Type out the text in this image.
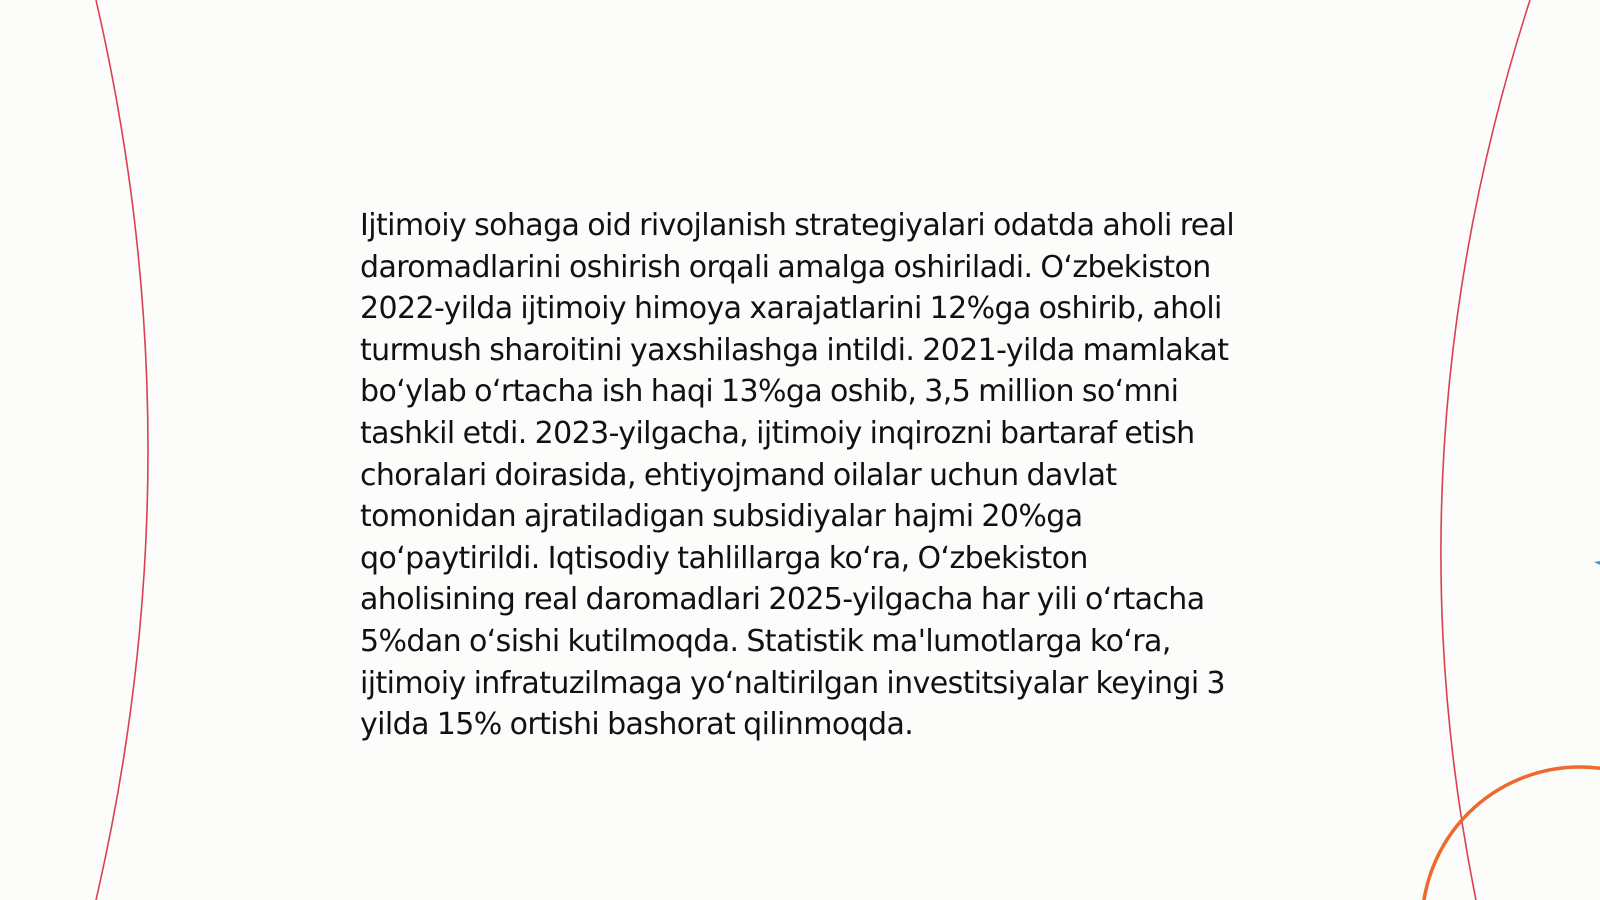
Ijtimoiy sohaga oid rivojlanish strategiyalari odatda aholi real daromadlarini oshirish orqali amalga oshiriladi. O‘zbekiston 2022-yilda ijtimoiy himoya xarajatlarini 12%ga oshirib, aholi turmush sharoitini yaxshilashga intildi. 2021-yilda mamlakat bo‘ylab o‘rtacha ish haqi 13%ga oshib, 3,5 million so‘mni tashkil etdi. 2023-yilgacha, ijtimoiy inqirozni bartaraf etish choralari doirasida, ehtiyojmand oilalar uchun davlat tomonidan ajratiladigan subsidiyalar hajmi 20%ga qo‘paytirildi. Iqtisodiy tahlillarga ko‘ra, O‘zbekiston aholisining real daromadlari 2025-yilgacha har yili o‘rtacha 5%dan o‘sishi kutilmoqda. Statistik ma'lumotlarga ko‘ra, ijtimoiy infratuzilmaga yo‘naltirilgan investitsiyalar keyingi 3 yilda 15% ortishi bashorat qilinmoqda.
